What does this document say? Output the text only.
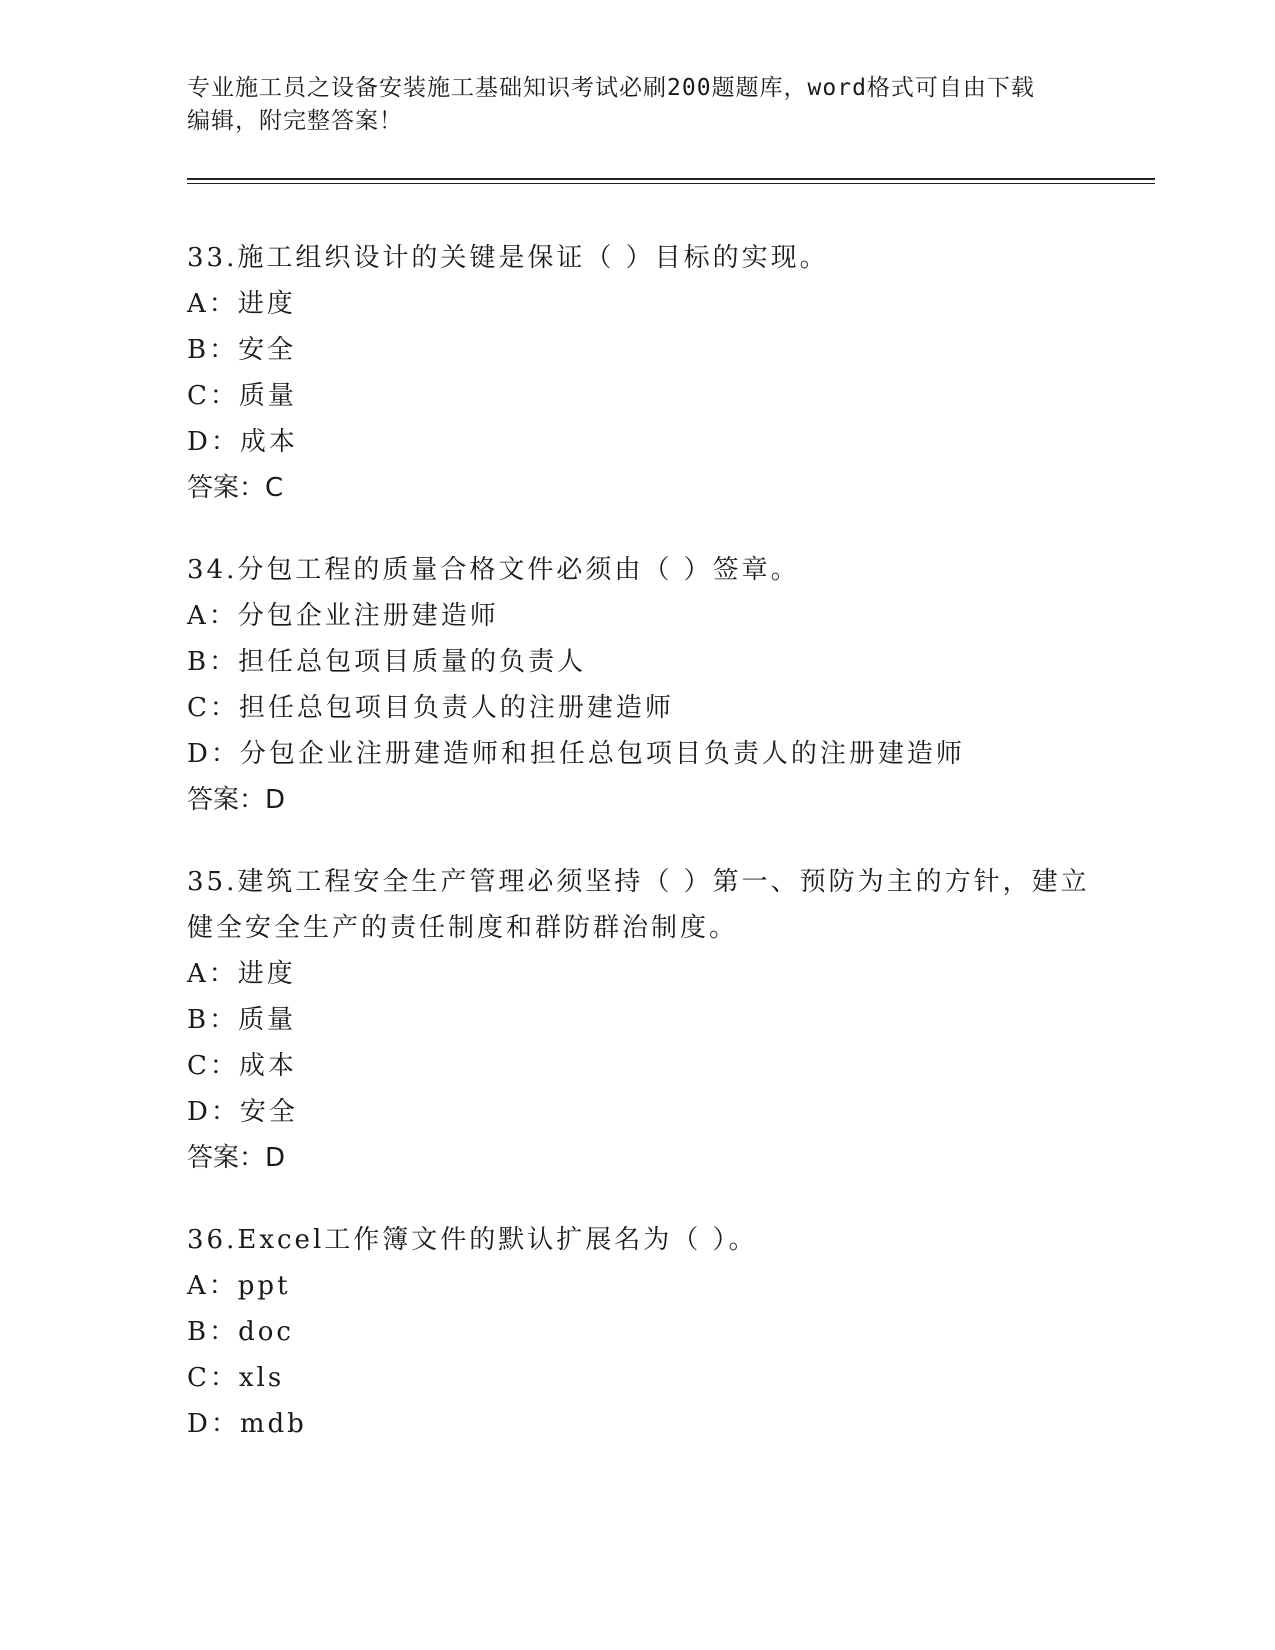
专业施工员之设备安装施工基础知识考试必刷200题题库，word格式可自由下载
编辑，附完整答案！
33.施工组织设计的关键是保证（ ）目标的实现。
A：进度
B：安全
C：质量
D：成本
答案：C
34.分包工程的质量合格文件必须由（ ）签章。
A：分包企业注册建造师
B：担任总包项目质量的负责人
C：担任总包项目负责人的注册建造师
D：分包企业注册建造师和担任总包项目负责人的注册建造师
答案：D
35.建筑工程安全生产管理必须坚持（ ）第一、预防为主的方针，建立健全安全生产的责任制度和群防群治制度。
A：进度
B：质量
C：成本
D：安全
答案：D
36.Excel工作簿文件的默认扩展名为（ ）。
A：ppt
B：doc
C：xls
D：mdb
